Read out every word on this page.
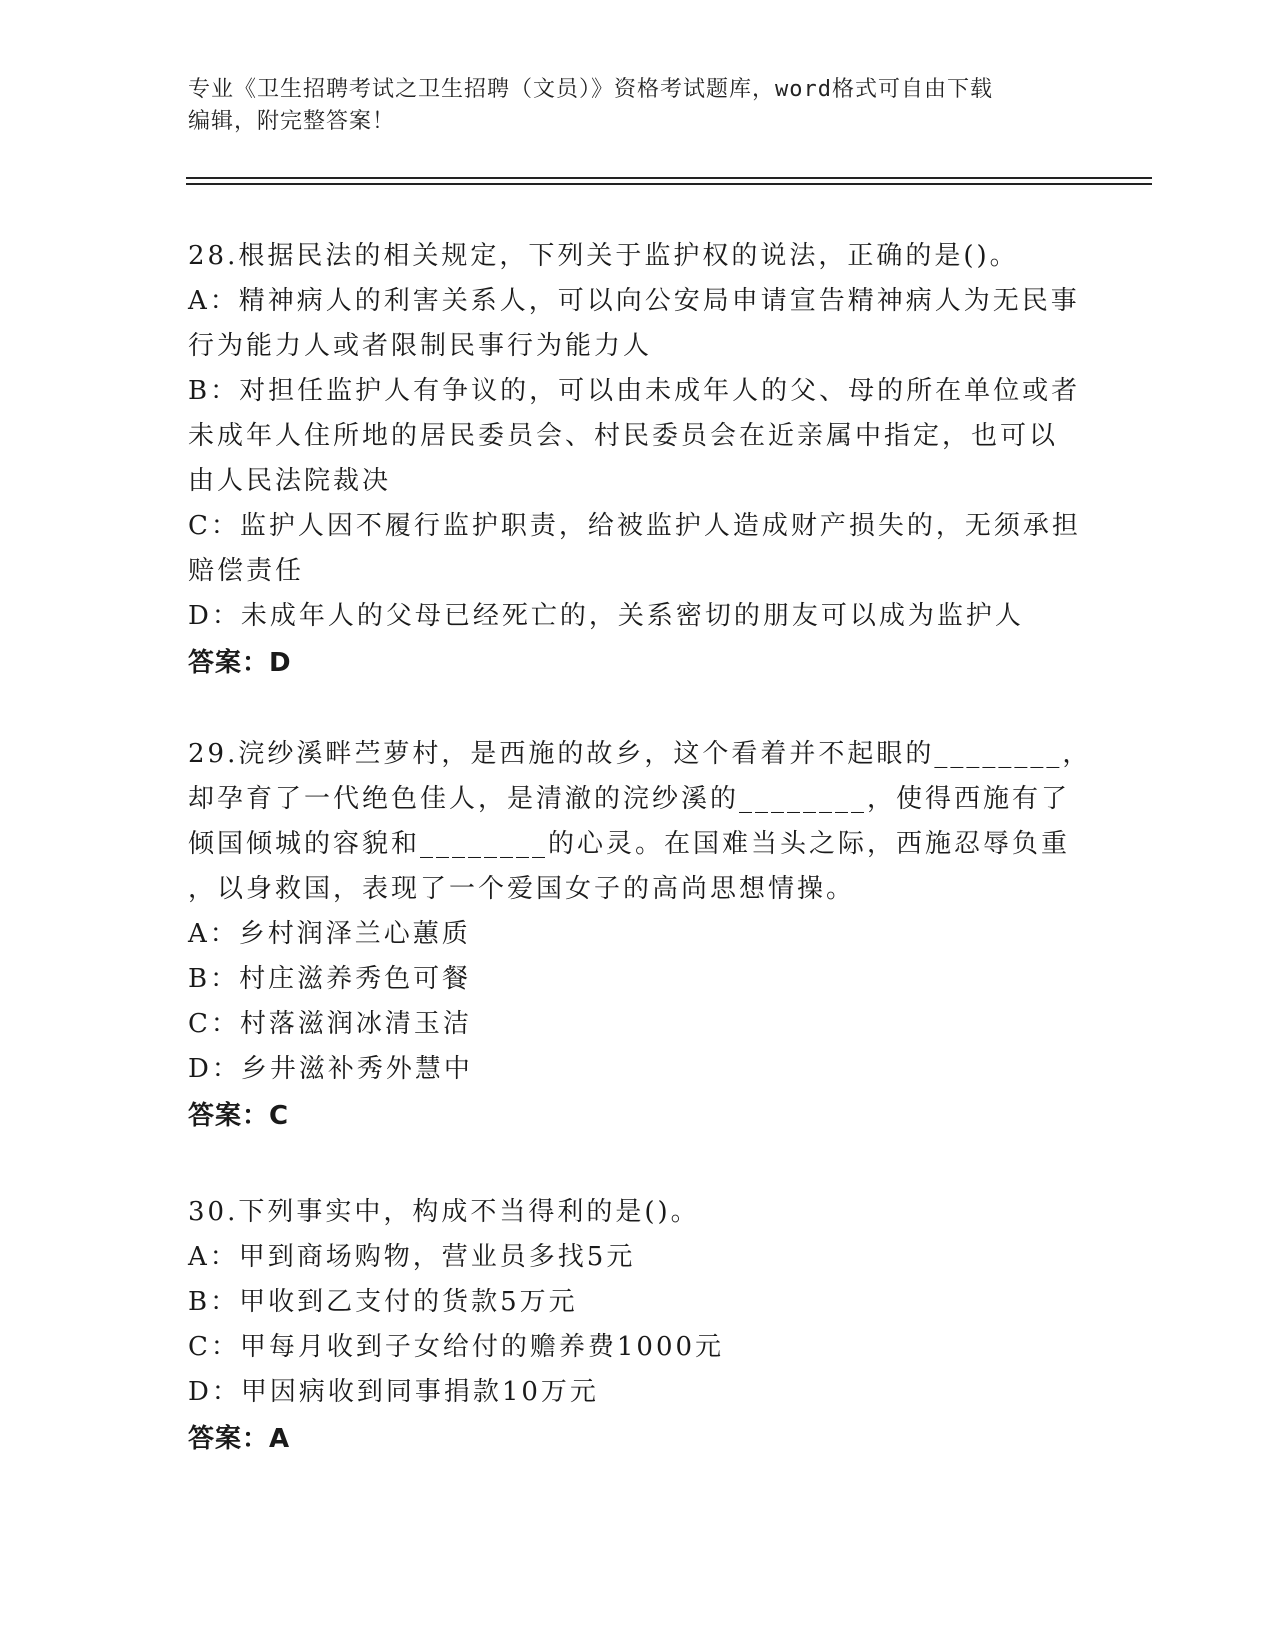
专业《卫生招聘考试之卫生招聘（文员）》资格考试题库，word格式可自由下载
编辑，附完整答案！
28.根据民法的相关规定，下列关于监护权的说法，正确的是()。
A：精神病人的利害关系人，可以向公安局申请宣告精神病人为无民事
行为能力人或者限制民事行为能力人
B：对担任监护人有争议的，可以由未成年人的父、母的所在单位或者
未成年人住所地的居民委员会、村民委员会在近亲属中指定，也可以
由人民法院裁决
C：监护人因不履行监护职责，给被监护人造成财产损失的，无须承担
赔偿责任
D：未成年人的父母已经死亡的，关系密切的朋友可以成为监护人
答案：D
29.浣纱溪畔苎萝村，是西施的故乡，这个看着并不起眼的________，
却孕育了一代绝色佳人，是清澈的浣纱溪的________，使得西施有了
倾国倾城的容貌和________的心灵。在国难当头之际，西施忍辱负重
，以身救国，表现了一个爱国女子的高尚思想情操。
A：乡村润泽兰心蕙质
B：村庄滋养秀色可餐
C：村落滋润冰清玉洁
D：乡井滋补秀外慧中
答案：C
30.下列事实中，构成不当得利的是()。
A：甲到商场购物，营业员多找5元
B：甲收到乙支付的货款5万元
C：甲每月收到子女给付的赡养费1000元
D：甲因病收到同事捐款10万元
答案：A
